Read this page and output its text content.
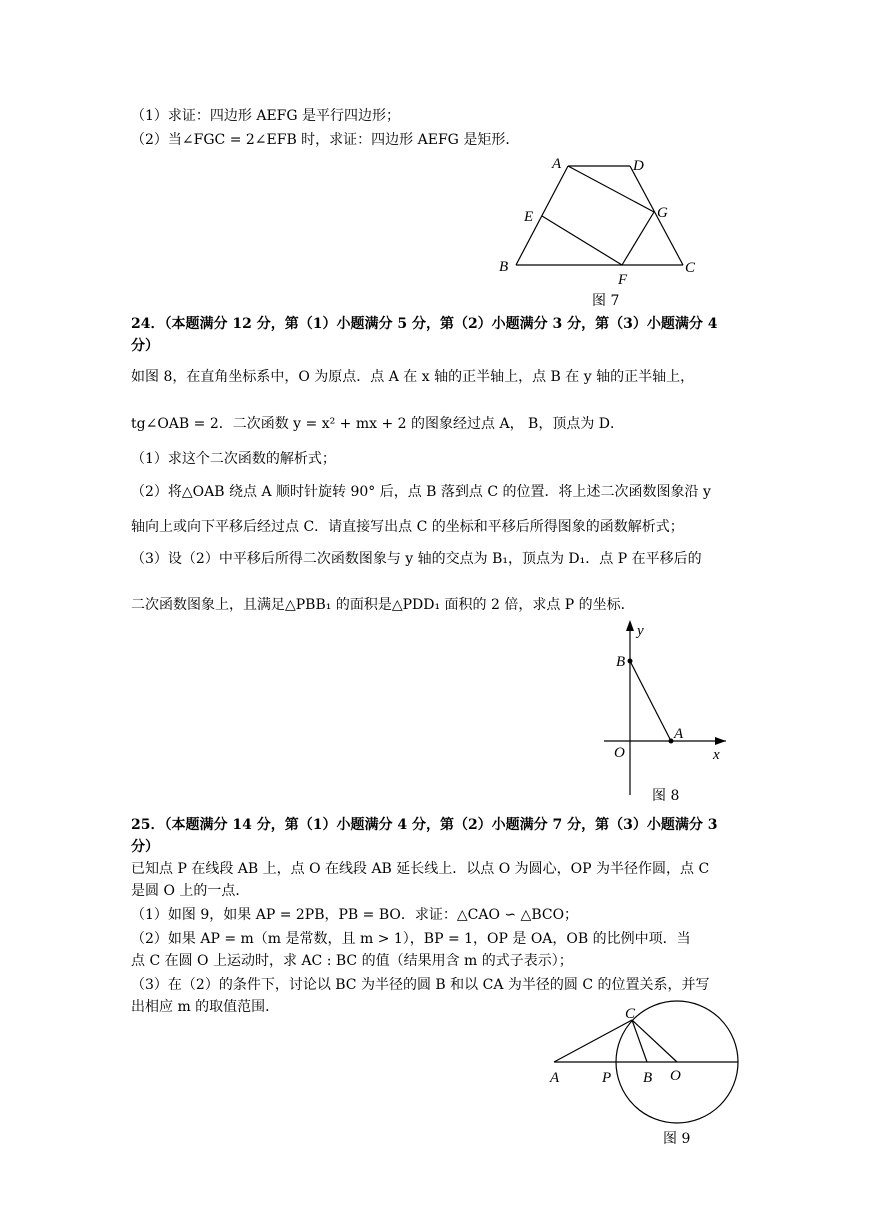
（1）求证：四边形 AEFG 是平行四边形；
（2）当∠FGC = 2∠EFB 时，求证：四边形 AEFG 是矩形．
24．（本题满分 12 分，第（1）小题满分 5 分，第（2）小题满分 3 分，第（3）小题满分 4
分）
如图 8，在直角坐标系中，O 为原点．点 A 在 x 轴的正半轴上，点 B 在 y 轴的正半轴上，
tg∠OAB = 2．二次函数 y = x² + mx + 2 的图象经过点 A， B，顶点为 D．
（1）求这个二次函数的解析式；
（2）将△OAB 绕点 A 顺时针旋转 90° 后，点 B 落到点 C 的位置．将上述二次函数图象沿 y
轴向上或向下平移后经过点 C．请直接写出点 C 的坐标和平移后所得图象的函数解析式；
（3）设（2）中平移后所得二次函数图象与 y 轴的交点为 B₁，顶点为 D₁．点 P 在平移后的
二次函数图象上，且满足△PBB₁ 的面积是△PDD₁ 面积的 2 倍，求点 P 的坐标．
25．（本题满分 14 分，第（1）小题满分 4 分，第（2）小题满分 7 分，第（3）小题满分 3
分）
已知点 P 在线段 AB 上，点 O 在线段 AB 延长线上．以点 O 为圆心，OP 为半径作圆，点 C
是圆 O 上的一点．
（1）如图 9，如果 AP = 2PB，PB = BO．求证：△CAO ∽ △BCO；
（2）如果 AP = m（m 是常数，且 m > 1），BP = 1，OP 是 OA，OB 的比例中项．当
点 C 在圆 O 上运动时，求 AC : BC 的值（结果用含 m 的式子表示）；
（3）在（2）的条件下，讨论以 BC 为半径的圆 B 和以 CA 为半径的圆 C 的位置关系，并写
出相应 m 的取值范围．
A	D
E	G
B
F
C
图 7
y
B
A
O	x
图 8
C
A	P B O
图 9
